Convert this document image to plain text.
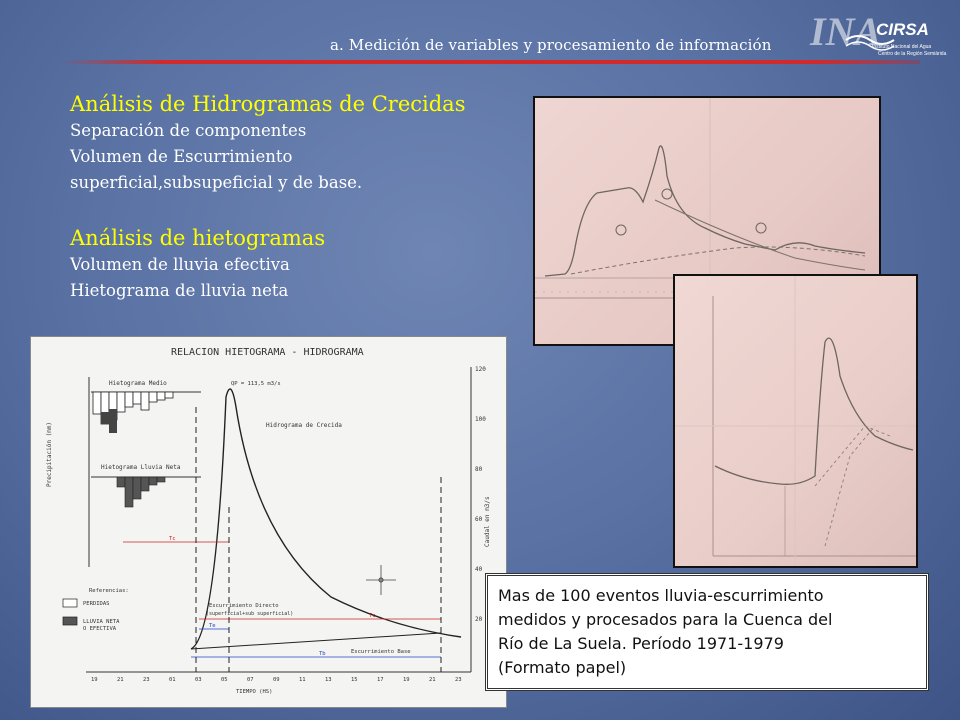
a. Medición de variables y procesamiento de información INA
CIRSA
Instituto Nacional del Agua
Centro de la Región Semiárida
Análisis de Hidrogramas de Crecidas
Separación de componentes
Volumen de Escurrimiento
superficial,subsupeficial y de base.
Análisis de hietogramas
Volumen de lluvia efectiva
Hietograma de lluvia neta
RELACION HIETOGRAMA - HIDROGRAMA
120
100
80
60
40
20
Caudal en m3/s
Precipitación (mm)
Hietograma Medio
Hietograma Lluvia Neta
QP = 113,5 m3/s
Hidrograma de Crecida
Escurrimiento Directo
(superficial+sub superficial)
Escurrimiento Base
Tc
Tc
Te
Tb
Referencias:
PERDIDAS
LLUVIA NETA
O EFECTIVA
19	21	23	01	03	05	07	09	11	13	15	17	19	21	23
TIEMPO (HS)
Mas de 100 eventos lluvia-escurrimiento
medidos y procesados para la Cuenca del
Río de La Suela. Período 1971-1979
(Formato papel)
